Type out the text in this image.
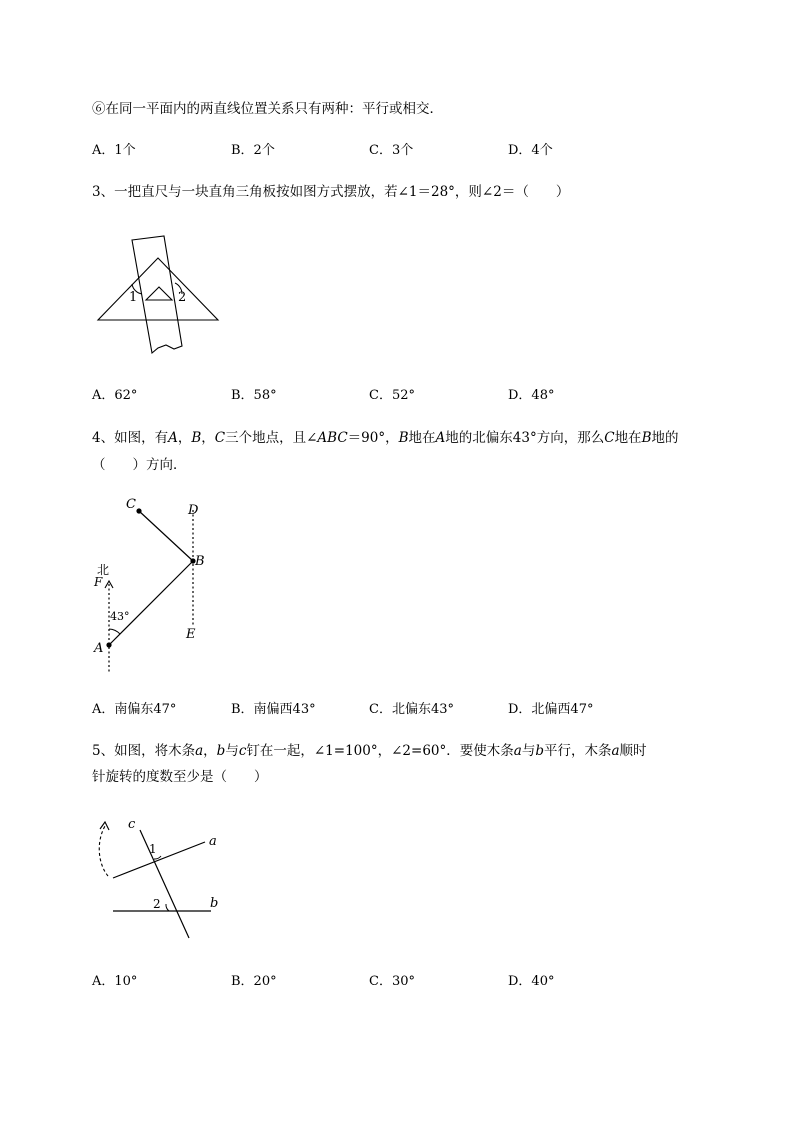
⑥在同一平面内的两直线位置关系只有两种：平行或相交．
A．1个	B．2个	C．3个	D．4个
3、一把直尺与一块直角三角板按如图方式摆放，若∠1＝28°，则∠2＝（　　）
1	2
A．62°	B．58°	C．52°	D．48°
4、如图，有A，B，C三个地点，且∠ABC＝90°，B地在A地的北偏东43°方向，那么C地在B地的
（　　）方向．
C	D
B
北
F
43°
A
E
A．南偏东47°	B．南偏西43°	C．北偏东43°	D．北偏西47°
5、如图，将木条a，b与c钉在一起，∠1=100°，∠2=60°．要使木条a与b平行，木条a顺时
针旋转的度数至少是（　　）
c
a
b
1
2
A．10°	B．20°	C．30°	D．40°
